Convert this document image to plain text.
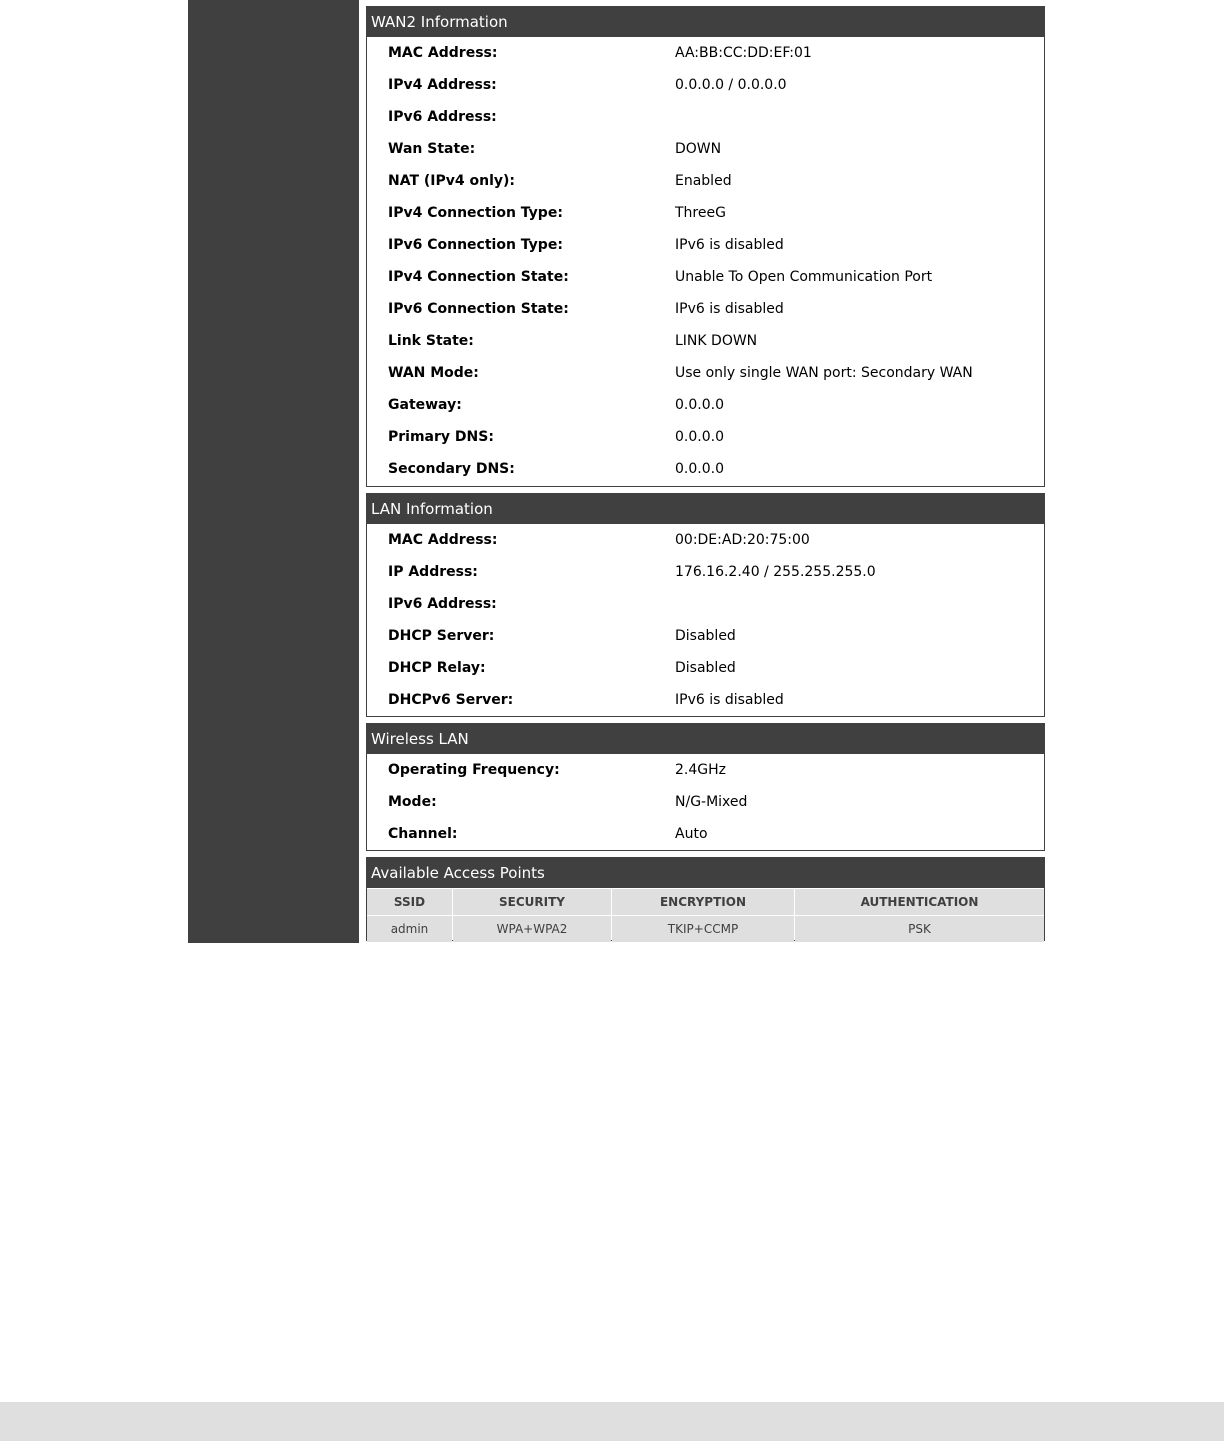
WAN2 Information
MAC Address:	AA:BB:CC:DD:EF:01
IPv4 Address:	0.0.0.0 / 0.0.0.0
IPv6 Address:
Wan State:	DOWN
NAT (IPv4 only):	Enabled
IPv4 Connection Type:	ThreeG
IPv6 Connection Type:	IPv6 is disabled
IPv4 Connection State:	Unable To Open Communication Port
IPv6 Connection State:	IPv6 is disabled
Link State:	LINK DOWN
WAN Mode:	Use only single WAN port: Secondary WAN
Gateway:	0.0.0.0
Primary DNS:	0.0.0.0
Secondary DNS:	0.0.0.0
LAN Information
MAC Address:	00:DE:AD:20:75:00
IP Address:	176.16.2.40 / 255.255.255.0
IPv6 Address:
DHCP Server:	Disabled
DHCP Relay:	Disabled
DHCPv6 Server:	IPv6 is disabled
Wireless LAN
Operating Frequency:	2.4GHz
Mode:	N/G-Mixed
Channel:	Auto
Available Access Points
SSID	SECURITY	ENCRYPTION	AUTHENTICATION
admin	WPA+WPA2	TKIP+CCMP	PSK
